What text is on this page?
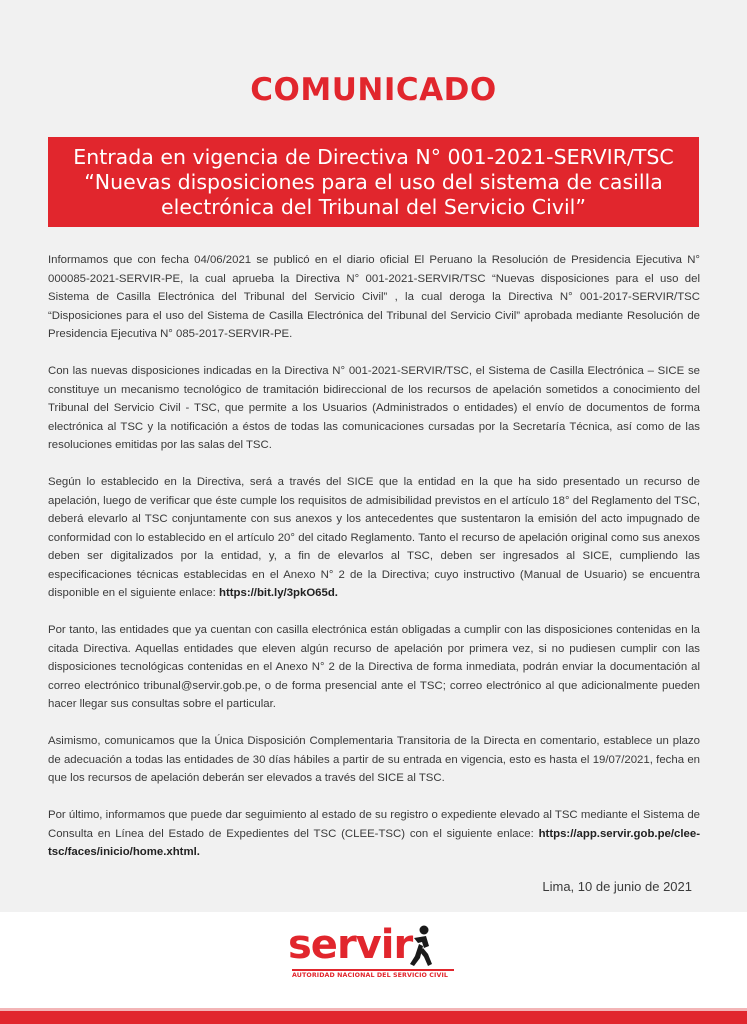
COMUNICADO
Entrada en vigencia de Directiva N° 001-2021-SERVIR/TSC
“Nuevas disposiciones para el uso del sistema de casilla
electrónica del Tribunal del Servicio Civil”

Informamos que con fecha 04/06/2021 se publicó en el diario oficial El Peruano la Resolución de Presidencia Ejecutiva N° 000085-2021-SERVIR-PE, la cual aprueba la Directiva N° 001-2021-SERVIR/TSC “Nuevas disposiciones para el uso del Sistema de Casilla Electrónica del Tribunal del Servicio Civil” , la cual deroga la Directiva N° 001-2017-SERVIR/TSC “Disposiciones para el uso del Sistema de Casilla Electrónica del Tribunal del Servicio Civil” aprobada mediante Resolución de Presidencia Ejecutiva N° 085-2017-SERVIR-PE.

Con las nuevas disposiciones indicadas en la Directiva N° 001-2021-SERVIR/TSC, el Sistema de Casilla Electrónica – SICE se constituye un mecanismo tecnológico de tramitación bidireccional de los recursos de apelación sometidos a conocimiento del Tribunal del Servicio Civil - TSC, que permite a los Usuarios (Administrados o entidades) el envío de documentos de forma electrónica al TSC y la notificación a éstos de todas las comunicaciones cursadas por la Secretaría Técnica, así como de las resoluciones emitidas por las salas del TSC.

Según lo establecido en la Directiva, será a través del SICE que la entidad en la que ha sido presentado un recurso de apelación, luego de verificar que éste cumple los requisitos de admisibilidad previstos en el artículo 18° del Reglamento del TSC, deberá elevarlo al TSC conjuntamente con sus anexos y los antecedentes que sustentaron la emisión del acto impugnado de conformidad con lo establecido en el artículo 20° del citado Reglamento. Tanto el recurso de apelación original como sus anexos deben ser digitalizados por la entidad, y, a fin de elevarlos al TSC, deben ser ingresados al SICE, cumpliendo las especificaciones técnicas establecidas en el Anexo N° 2 de la Directiva; cuyo instructivo (Manual de Usuario) se encuentra disponible en el siguiente enlace: https://bit.ly/3pkO65d.

Por tanto, las entidades que ya cuentan con casilla electrónica están obligadas a cumplir con las disposiciones contenidas en la citada Directiva. Aquellas entidades que eleven algún recurso de apelación por primera vez, si no pudiesen cumplir con las disposiciones tecnológicas contenidas en el Anexo N° 2 de la Directiva de forma inmediata, podrán enviar la documentación al correo electrónico tribunal@servir.gob.pe, o de forma presencial ante el TSC; correo electrónico al que adicionalmente pueden hacer llegar sus consultas sobre el particular.

Asimismo, comunicamos que la Única Disposición Complementaria Transitoria de la Directa en comentario, establece un plazo de adecuación a todas las entidades de 30 días hábiles a partir de su entrada en vigencia, esto es hasta el 19/07/2021, fecha en que los recursos de apelación deberán ser elevados a través del SICE al TSC.

Por último, informamos que puede dar seguimiento al estado de su registro o expediente elevado al TSC mediante el Sistema de Consulta en Línea del Estado de Expedientes del TSC (CLEE-TSC) con el siguiente enlace: https://app.servir.gob.pe/clee-tsc/faces/inicio/home.xhtml.

Lima, 10 de junio de 2021
servir
AUTORIDAD NACIONAL DEL SERVICIO CIVIL
